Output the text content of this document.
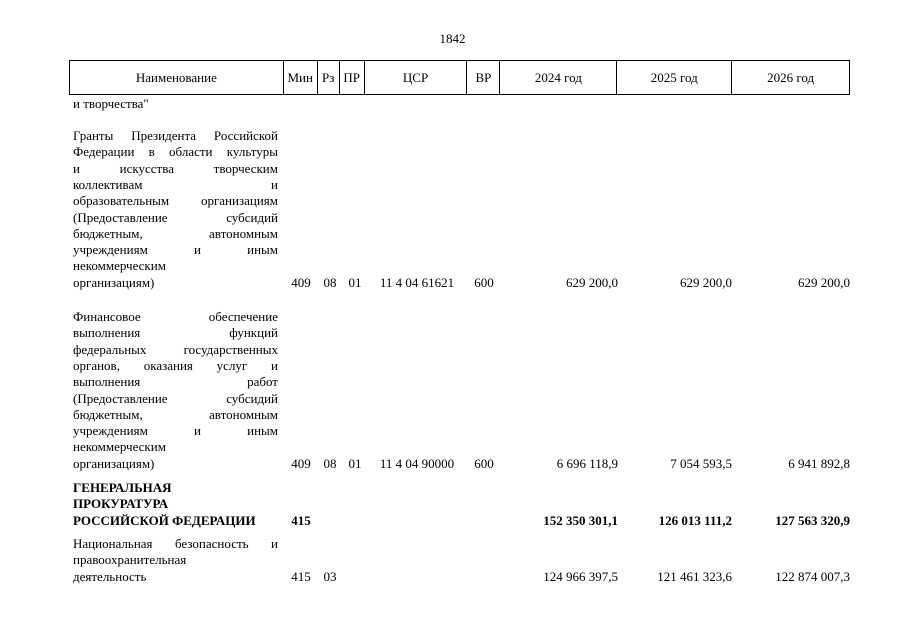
1842
Наименование	Мин Рз ПР	ЦСР	ВР	2024 год	2025 год	2026 год
и творчества"
Гранты Президента Российской
Федерации в области культуры
и искусства творческим
коллективам и
образовательным организациям
(Предоставление субсидий
бюджетным, автономным
учреждениям и иным
некоммерческим
организациям)	409 08 01	11 4 04 61621	600	629 200,0	629 200,0	629 200,0
Финансовое обеспечение
выполнения функций
федеральных государственных
органов, оказания услуг и
выполнения работ
(Предоставление субсидий
бюджетным, автономным
учреждениям и иным
некоммерческим
организациям)	409 08 01	11 4 04 90000	600	6 696 118,9	7 054 593,5	6 941 892,8
ГЕНЕРАЛЬНАЯ
ПРОКУРАТУРА
РОССИЙСКОЙ ФЕДЕРАЦИИ	415	152 350 301,1	126 013 111,2	127 563 320,9
Национальная безопасность и
правоохранительная
деятельность	415 03	124 966 397,5	121 461 323,6	122 874 007,3
